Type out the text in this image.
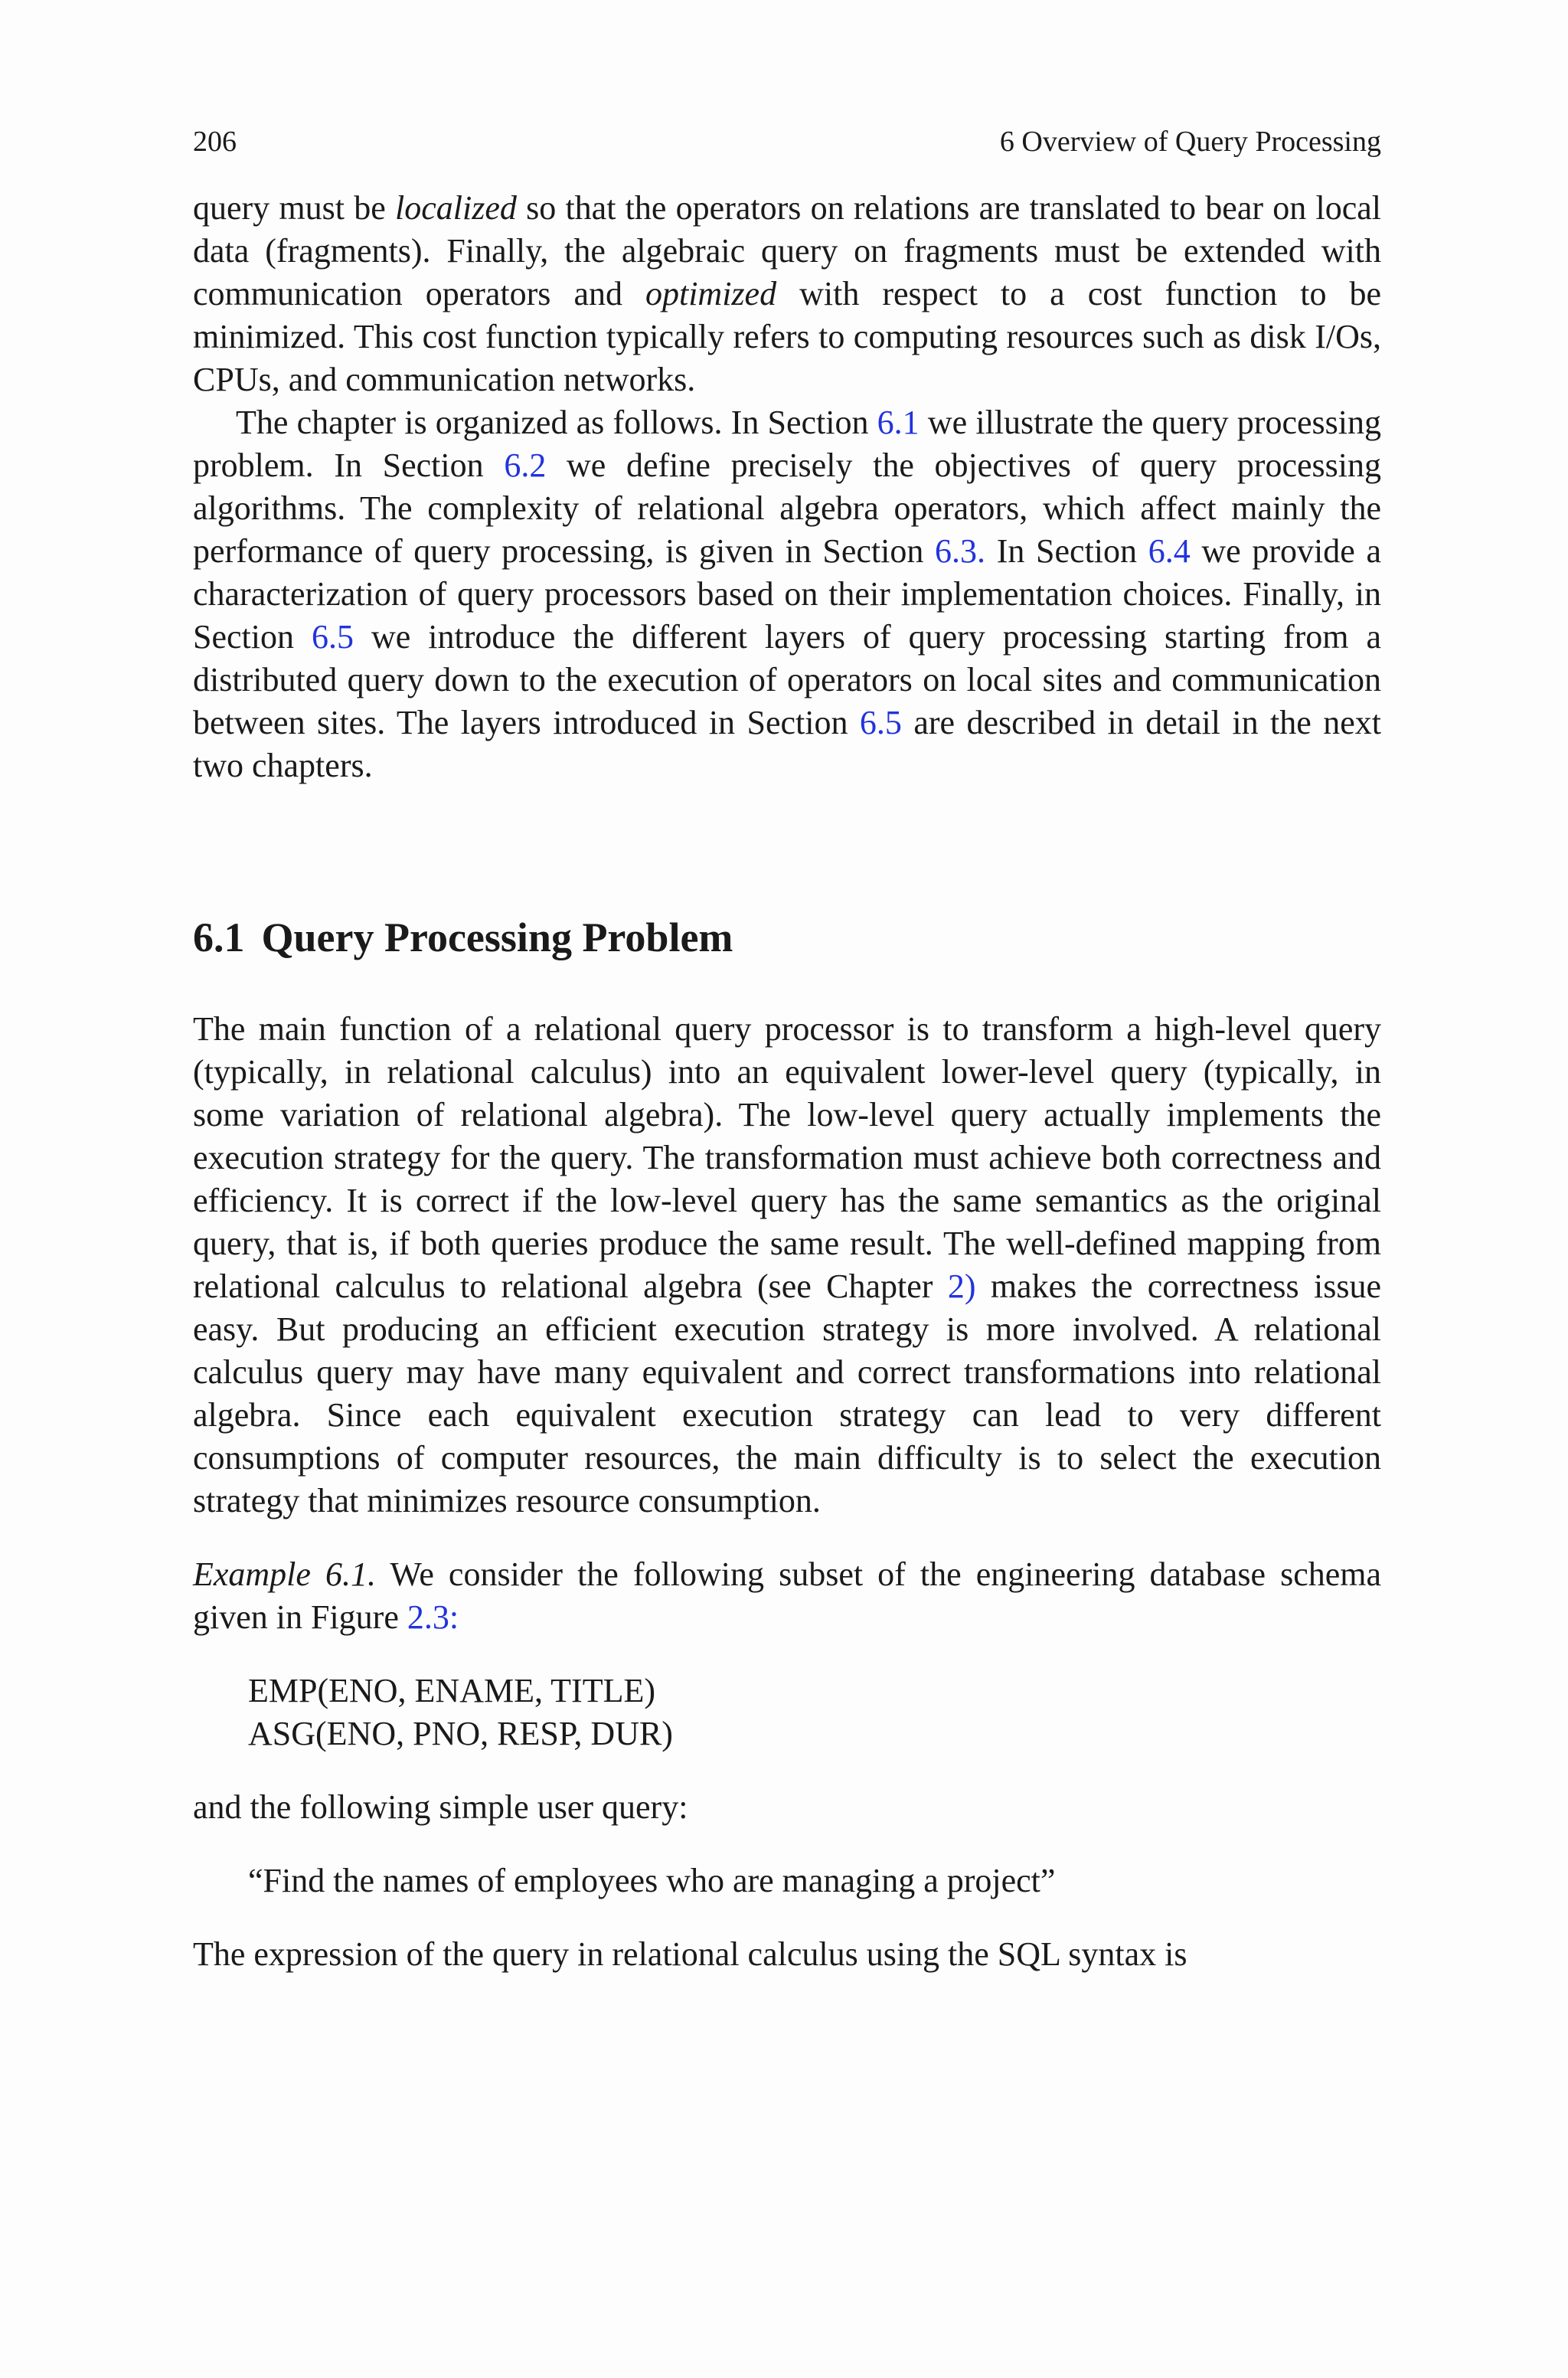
206	6 Overview of Query Processing

query must be localized so that the operators on relations are translated to bear on local data (fragments). Finally, the algebraic query on fragments must be extended with communication operators and optimized with respect to a cost function to be minimized. This cost function typically refers to computing resources such as disk I/Os, CPUs, and communication networks.

The chapter is organized as follows. In Section 6.1 we illustrate the query processing problem. In Section 6.2 we define precisely the objectives of query processing algorithms. The complexity of relational algebra operators, which affect mainly the performance of query processing, is given in Section 6.3. In Section 6.4 we provide a characterization of query processors based on their implementation choices. Finally, in Section 6.5 we introduce the different layers of query processing starting from a distributed query down to the execution of operators on local sites and communication between sites. The layers introduced in Section 6.5 are described in detail in the next two chapters.

6.1 Query Processing Problem

The main function of a relational query processor is to transform a high-level query (typically, in relational calculus) into an equivalent lower-level query (typically, in some variation of relational algebra). The low-level query actually implements the execution strategy for the query. The transformation must achieve both correctness and efficiency. It is correct if the low-level query has the same semantics as the original query, that is, if both queries produce the same result. The well-defined mapping from relational calculus to relational algebra (see Chapter 2) makes the correctness issue easy. But producing an efficient execution strategy is more involved. A relational calculus query may have many equivalent and correct transformations into relational algebra. Since each equivalent execution strategy can lead to very different consumptions of computer resources, the main difficulty is to select the execution strategy that minimizes resource consumption.

Example 6.1. We consider the following subset of the engineering database schema given in Figure 2.3:

EMP(ENO, ENAME, TITLE)
ASG(ENO, PNO, RESP, DUR)

and the following simple user query:

“Find the names of employees who are managing a project”

The expression of the query in relational calculus using the SQL syntax is
